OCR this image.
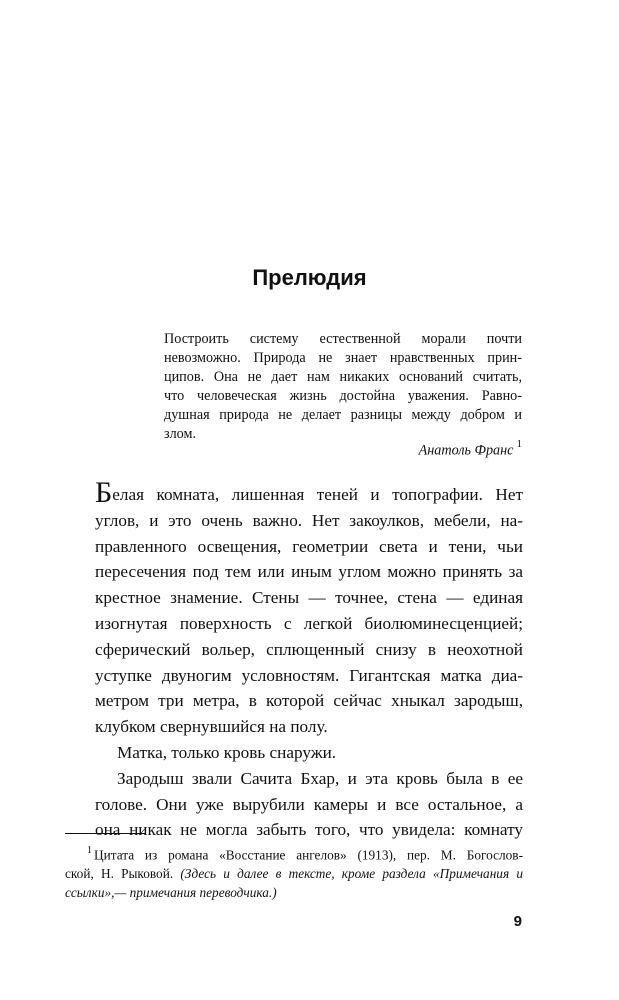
Прелюдия
Построить систему естественной морали почти
невозможно. Природа не знает нравственных прин-
ципов. Она не дает нам никаких оснований считать,
что человеческая жизнь достойна уважения. Равно-
душная природа не делает разницы между добром и
злом.
Анатоль Франс $^1$
Белая комната, лишенная теней и топографии. Нет
углов, и это очень важно. Нет закоулков, мебели, на-
правленного освещения, геометрии света и тени, чьи
пересечения под тем или иным углом можно принять за
крестное знамение. Стены — точнее, стена — единая
изогнутая поверхность с легкой биолюминесценцией;
сферический вольер, сплющенный снизу в неохотной
уступке двуногим условностям. Гигантская матка диа-
метром три метра, в которой сейчас хныкал зародыш,
клубком свернувшийся на полу.
Матка, только кровь снаружи.
Зародыш звали Сачита Бхар, и эта кровь была в ее
голове. Они уже вырубили камеры и все остальное, а
она никак не могла забыть того, что увидела: комнату
$^1$ Цитата из романа «Восстание ангелов» (1913), пер. М. Богослов-
ской, Н. Рыковой. (Здесь и далее в тексте, кроме раздела «Примечания и
ссылки»,— примечания переводчика.)
9
